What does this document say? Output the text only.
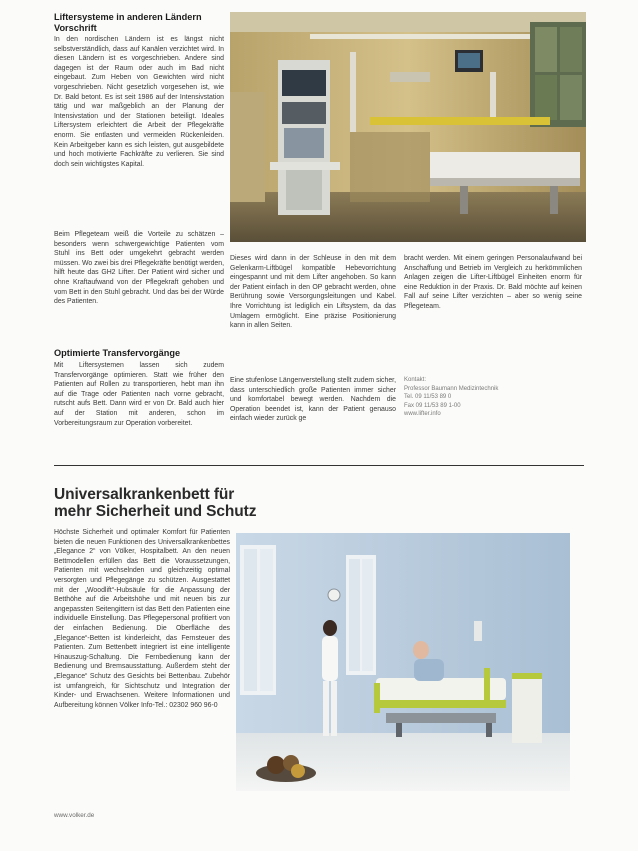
Liftersysteme in anderen Ländern Vorschrift
In den nordischen Ländern ist es längst nicht selbstverständlich, dass auf Kanälen verzichtet wird. In diesen Ländern ist es vorgeschrieben. Andere sind dagegen ist der Raum oder auch im Bad nicht eingebaut. Zum Heben von Gewichten wird nicht vorgeschrieben. Nicht gesetzlich vorgesehen ist, wie Dr. Bald betont. Es ist seit 1986 auf der Intensivstation tätig und war maßgeblich an der Planung der Intensivstation und der Stationen beteiligt. Ideales Liftersystem erleichtert die Arbeit der Pflegekräfte enorm. Sie entlasten und vermeiden Rückenleiden. Kein Arbeitgeber kann es sich leisten, gut ausgebildete und hoch motivierte Fachkräfte zu verlieren. Sie sind doch sein wichtigstes Kapital.
Beim Pflegeteam weiß die Vorteile zu schätzen – besonders wenn schwergewichtige Patienten vom Stuhl ins Bett oder umgekehrt gebracht werden müssen. Wo zwei bis drei Pflegekräfte benötigt werden, hilft heute das GH2 Lifter. Der Patient wird sicher und ohne Kraftaufwand von der Pflegekraft gehoben und vom Bett in den Stuhl gebracht. Und das bei der Würde des Patienten.
Optimierte Transfervorgänge
Mit Liftersystemen lassen sich zudem Transfervorgänge optimieren. Statt wie früher den Patienten auf Rollen zu transportieren, hebt man ihn auf die Trage oder Patienten nach vorne gebracht, rutscht aufs Bett. Dann wird er von Dr. Bald auch hier auf der Station mit anderen, schon im Vorbereitungsraum zur Operation vorbereitet.
Dieses wird dann in der Schleuse in den mit dem Gelenkarm-Liftbügel kompatible Hebevorrichtung eingespannt und mit dem Lifter angehoben. So kann der Patient einfach in den OP gebracht werden, ohne Berührung sowie Versorgungsleitungen und Kabel. Ihre Vorrichtung ist lediglich ein Liftsystem, da das Umlagern ermöglicht. Eine präzise Positionierung kann in allen Seiten.
Eine stufenlose Längenverstellung stellt zudem sicher, dass unterschiedlich große Patienten immer sicher und komfortabel bewegt werden. Nachdem die Operation beendet ist, kann der Patient genauso einfach wieder zurück ge
bracht werden. Mit einem geringen Personalaufwand bei Anschaffung und Betrieb im Vergleich zu herkömmlichen Anlagen zeigen die Lifter-Liftbügel Einheiten enorm für eine Reduktion in der Praxis. Dr. Bald möchte auf keinen Fall auf seine Lifter verzichten – aber so wenig seine Pflegeteam.
Kontakt:
Professor Baumann Medizintechnik
Tel. 09 11/53 89 0
Fax 09 11/53 89 1-00
www.lifter.info
Universalkrankenbett für
mehr Sicherheit und Schutz
Höchste Sicherheit und optimaler Komfort für Patienten bieten die neuen Funktionen des Universalkrankenbettes „Elegance 2“ von Völker, Hospitalbett. An den neuen Bettmodellen erfüllen das Bett die Voraussetzungen, Patienten mit wechselnden und gleichzeitig optimal versorgten und Pflegegänge zu schützen. Ausgestattet mit der „Woodlift“-Hubsäule für die Anpassung der Betthöhe auf die Arbeitshöhe und mit neuen bis zur angepassten Seitengittern ist das Bett den Patienten eine individuelle Einstellung. Das Pflegepersonal profitiert von der einfachen Bedienung. Die Oberfläche des „Elegance“-Betten ist kinderleicht, das Fernsteuer des Patienten. Zum Bettenbett integriert ist eine intelligente Hinauszug-Schaltung. Die Fernbedienung kann der Bedienung und Bremsausstattung. Außerdem steht der „Elegance“ Schutz des Gesichts bei Bettenbau. Zubehör ist umfangreich, für Sichtschutz und Integration der Kinder- und Erwachsenen. Weitere Informationen und Aufbereitung können Völker Info-Tel.: 02302 960 96-0
www.volker.de
